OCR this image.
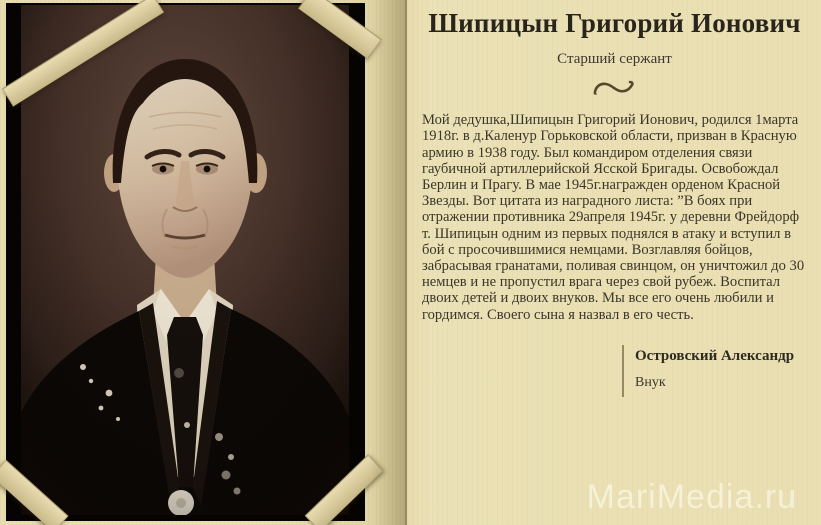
Шипицын Григорий Ионович
Старший сержант

Мой дедушка,Шипицын Григорий Ионович, родился 1марта 1918г. в д.Каленур Горьковской области, призван в Красную армию в 1938 году. Был командиром отделения связи гаубичной артиллерийской Ясской Бригады. Освобождал Берлин и Прагу. В мае 1945г.награжден орденом Красной Звезды. Вот цитата из наградного листа: ”В боях при отражении противника 29апреля 1945г. у деревни Фрейдорф т. Шипицын одним из первых поднялся в атаку и вступил в бой с просочившимися немцами. Возглавляя бойцов, забрасывая гранатами, поливая свинцом, он уничтожил до 30 немцев и не пропустил врага через свой рубеж. Воспитал двоих детей и двоих внуков. Мы все его очень любили и гордимся. Своего сына я назвал в его честь.

Островский Александр
Внук
MariMedia.ru
